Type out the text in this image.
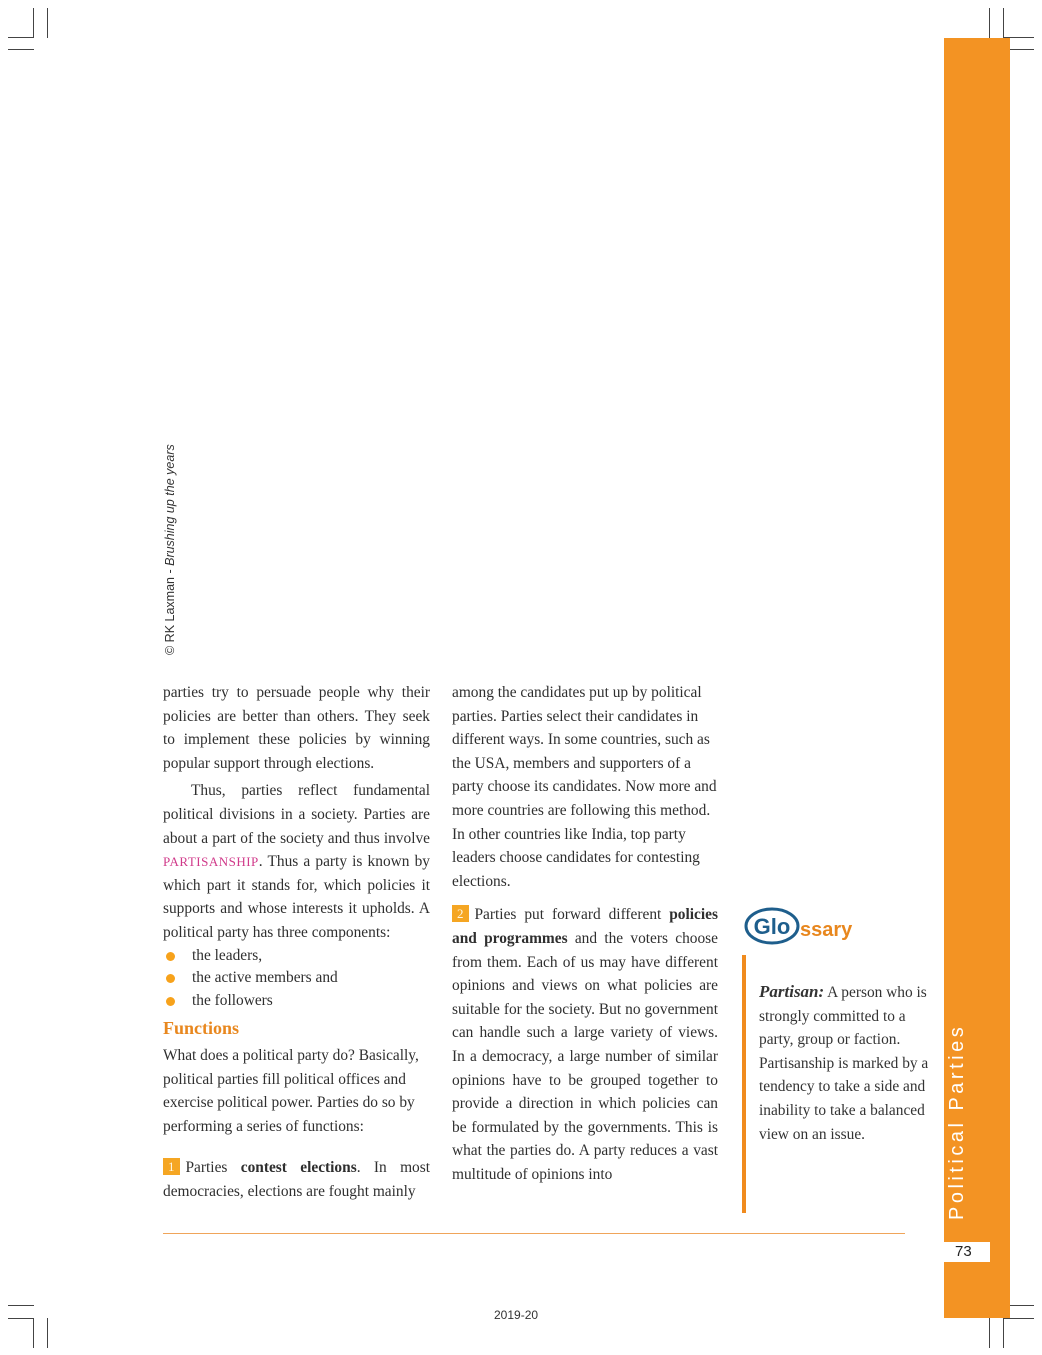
Political Parties
73
© RK Laxman - Brushing up the years

parties try to persuade people why their policies are better than others. They seek to implement these policies by winning popular support through elections.

Thus, parties reflect fundamental political divisions in a society. Parties are about a part of the society and thus involve PARTISANSHIP. Thus a party is known by which part it stands for, which policies it supports and whose interests it upholds. A political party has three components:

the leaders,
the active members and
the followers
Functions

What does a political party do? Basically, political parties fill political offices and exercise political power. Parties do so by performing a series of functions:

1 Parties contest elections. In most democracies, elections are fought mainly

among the candidates put up by political parties. Parties select their candidates in different ways. In some countries, such as the USA, members and supporters of a party choose its candidates. Now more and more countries are following this method. In other countries like India, top party leaders choose candidates for contesting elections.

2 Parties put forward different policies and programmes and the voters choose from them. Each of us may have different opinions and views on what policies are suitable for the society. But no government can handle such a large variety of views. In a democracy, a large number of similar opinions have to be grouped together to provide a direction in which policies can be formulated by the governments. This is what the parties do. A party reduces a vast multitude of opinions into

Glo ssary
Partisan: A person who is strongly committed to a party, group or faction. Partisanship is marked by a tendency to take a side and inability to take a balanced view on an issue.
2019-20
